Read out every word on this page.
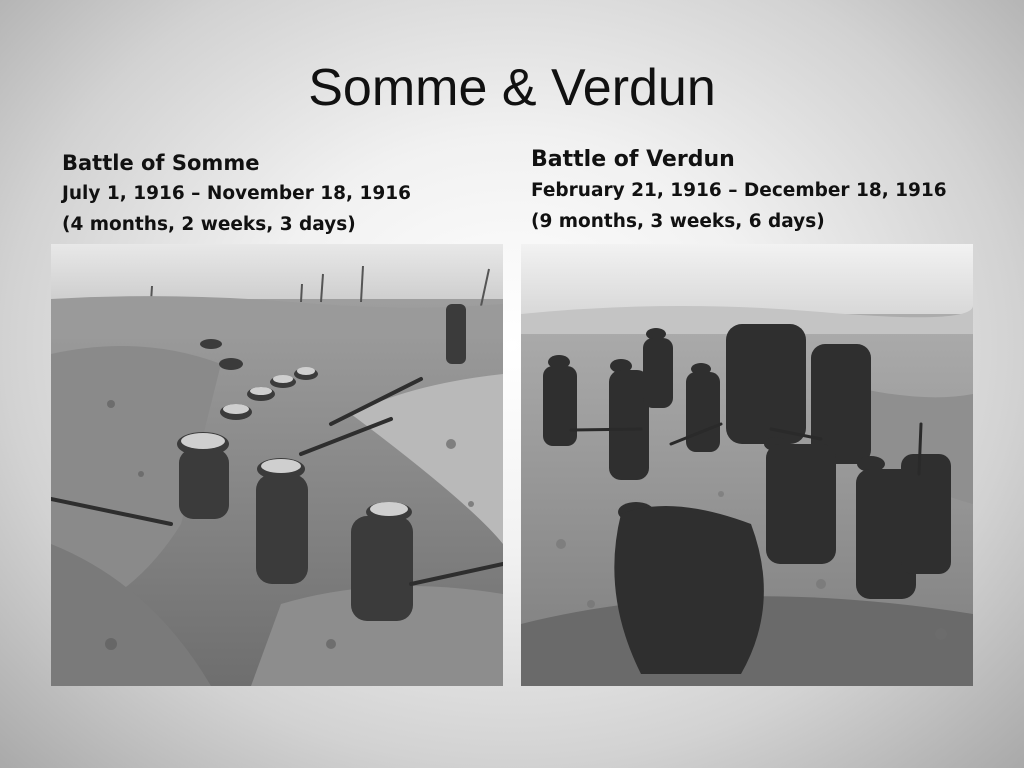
Somme & Verdun
Battle of Somme
July 1, 1916 – November 18, 1916
(4 months, 2 weeks, 3 days)
Battle of Verdun
February 21, 1916 – December 18, 1916
(9 months, 3 weeks, 6 days)
